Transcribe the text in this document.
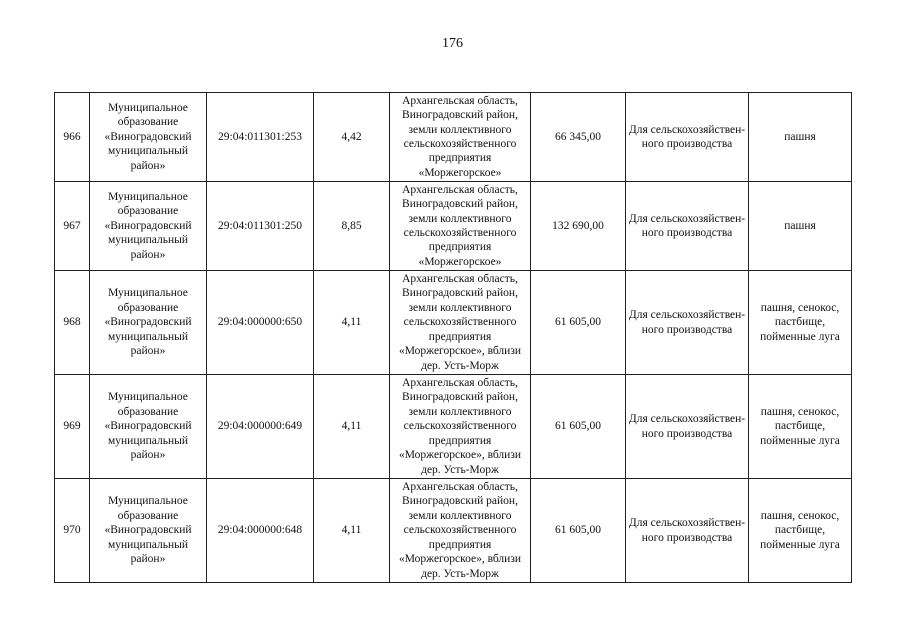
176
966	Муниципальное образование «Виноградовский муниципальный район»	29:04:011301:253	4,42	Архангельская область, Виноградовский район, земли коллективного сельскохозяйственного предприятия «Моржегорское»	66 345,00	Для сельскохозяйствен-ного производства	пашня
967	Муниципальное образование «Виноградовский муниципальный район»	29:04:011301:250	8,85	Архангельская область, Виноградовский район, земли коллективного сельскохозяйственного предприятия «Моржегорское»	132 690,00	Для сельскохозяйствен-ного производства	пашня
968	Муниципальное образование «Виноградовский муниципальный район»	29:04:000000:650	4,11	Архангельская область, Виноградовский район, земли коллективного сельскохозяйственного предприятия «Моржегорское», вблизи дер. Усть-Морж	61 605,00	Для сельскохозяйствен-ного производства	пашня, сенокос, пастбище, пойменные луга
969	Муниципальное образование «Виноградовский муниципальный район»	29:04:000000:649	4,11	Архангельская область, Виноградовский район, земли коллективного сельскохозяйственного предприятия «Моржегорское», вблизи дер. Усть-Морж	61 605,00	Для сельскохозяйствен-ного производства	пашня, сенокос, пастбище, пойменные луга
970	Муниципальное образование «Виноградовский муниципальный район»	29:04:000000:648	4,11	Архангельская область, Виноградовский район, земли коллективного сельскохозяйственного предприятия «Моржегорское», вблизи дер. Усть-Морж	61 605,00	Для сельскохозяйствен-ного производства	пашня, сенокос, пастбище, пойменные луга
